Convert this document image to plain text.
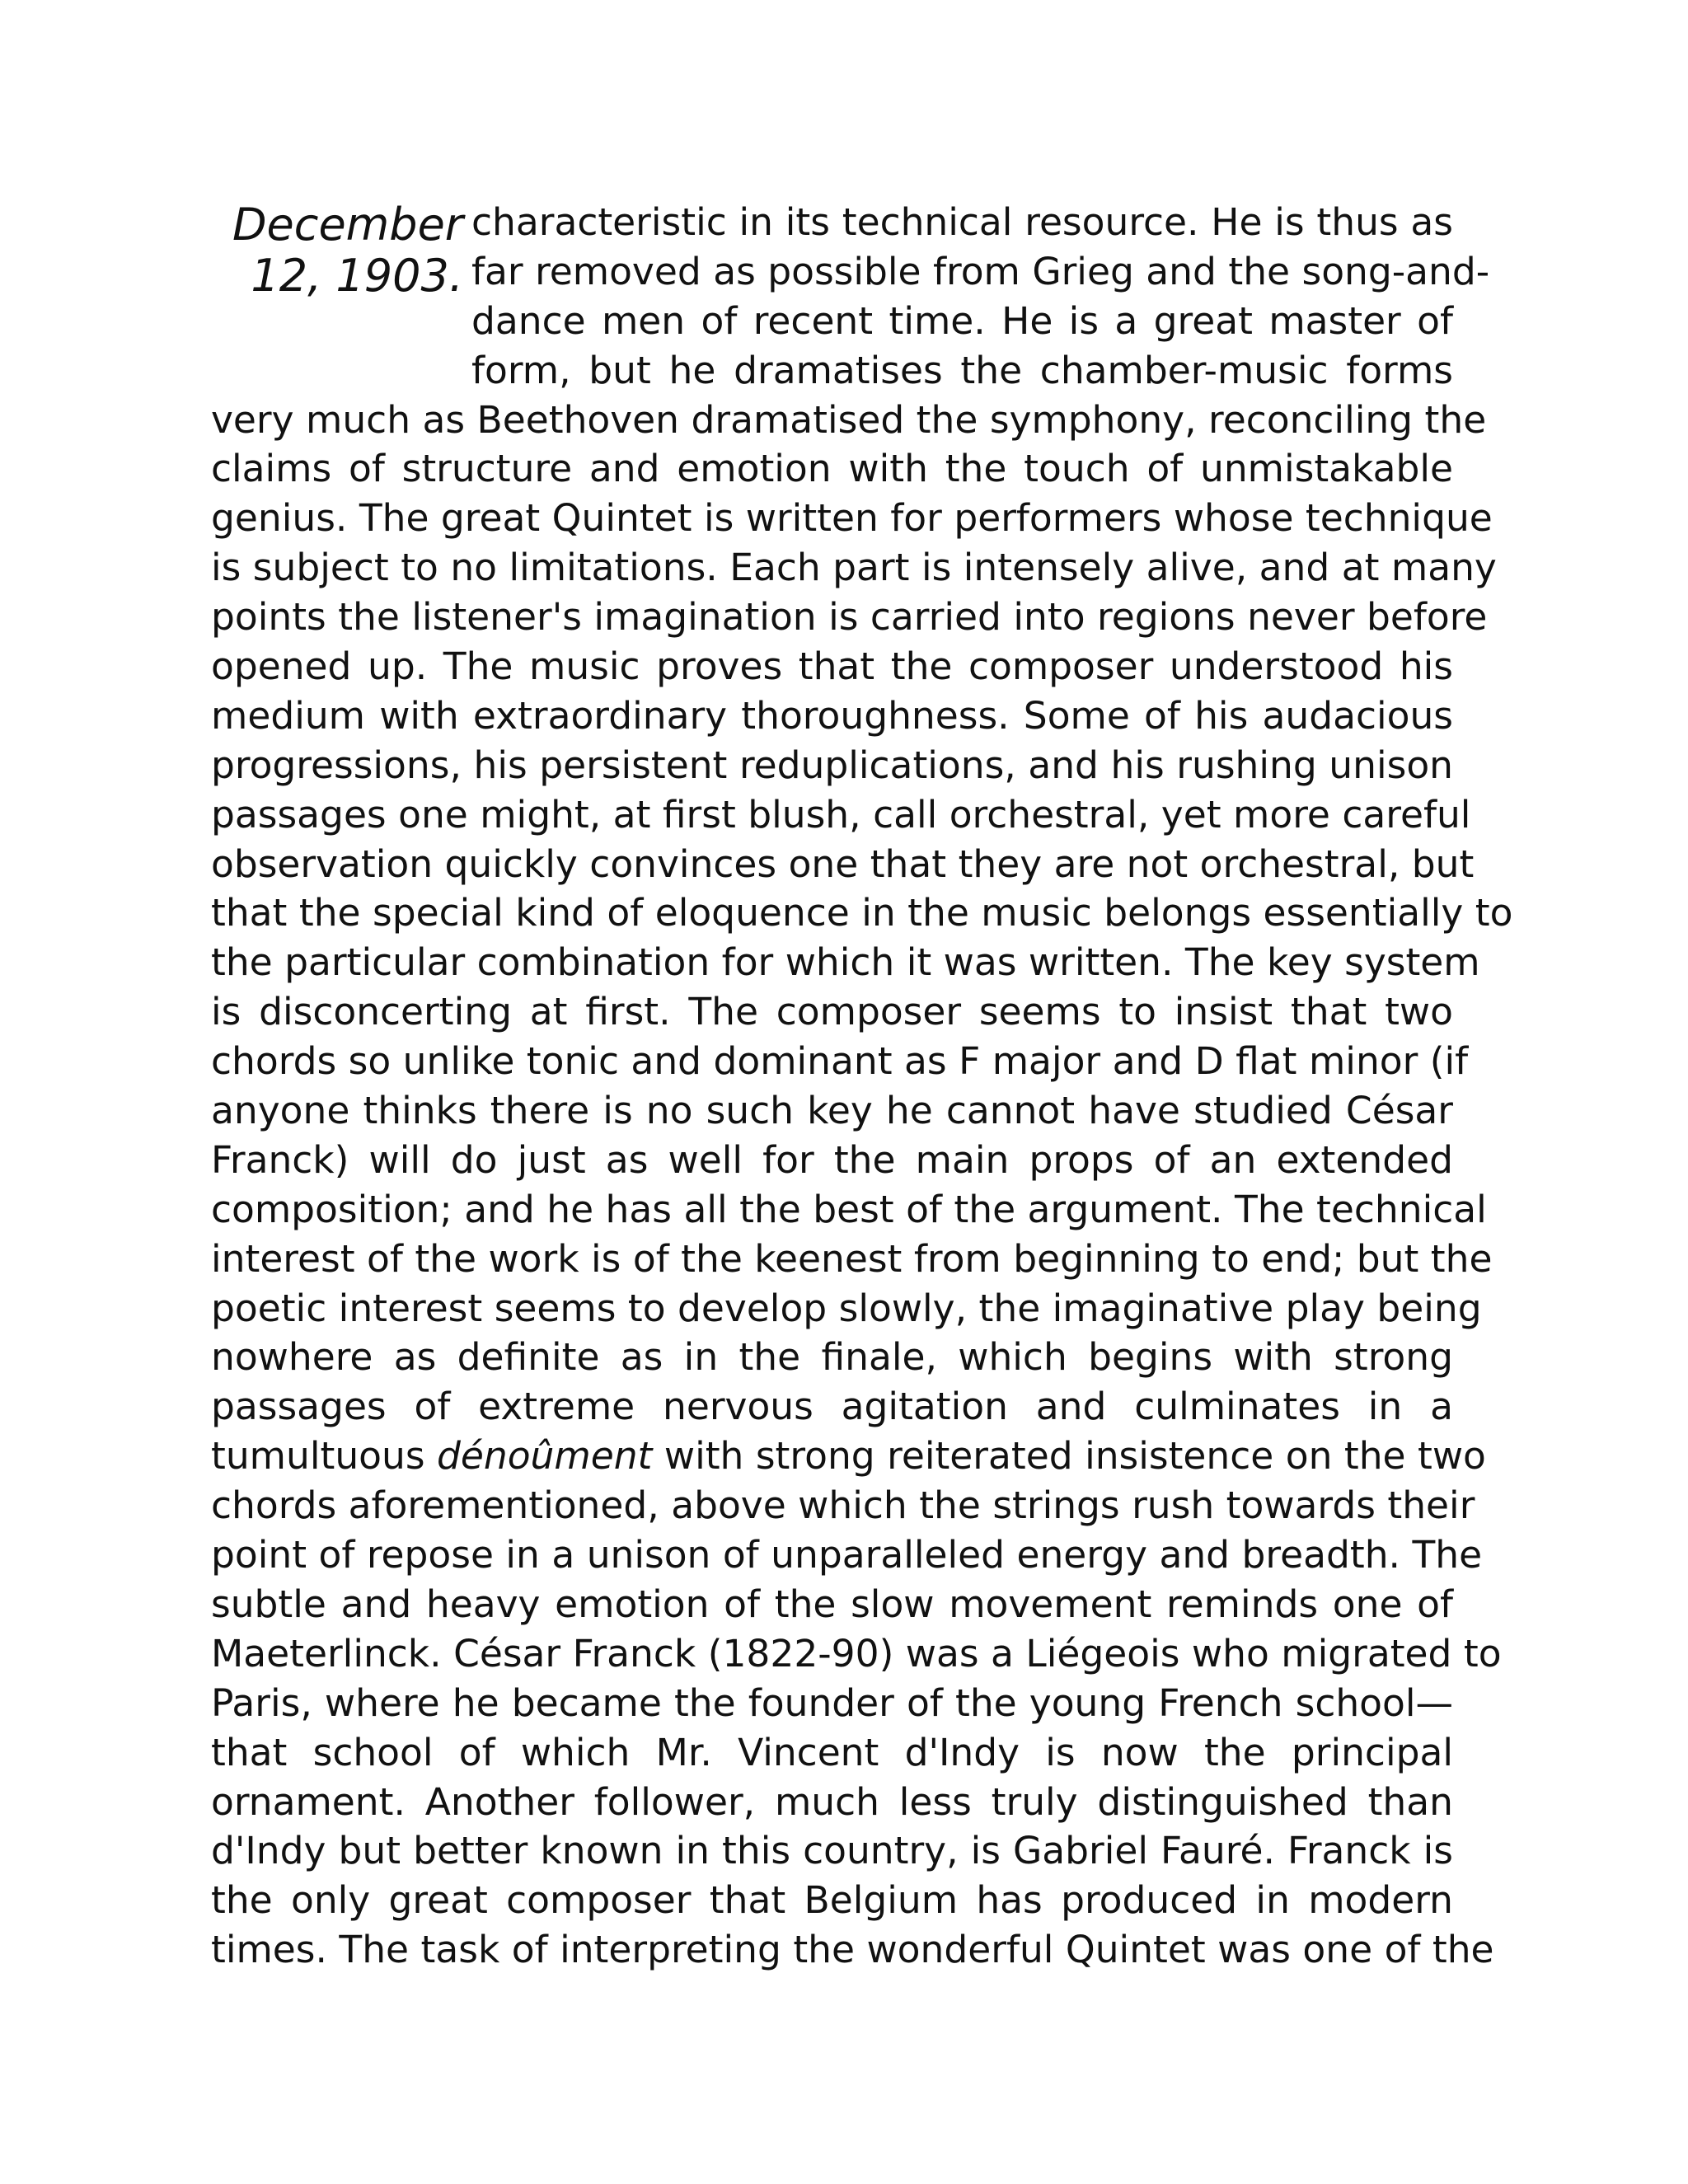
December
12, 1903.
characteristic in its technical resource. He is thus as
far removed as possible from Grieg and the song-and-
dance men of recent time. He is a great master of
form, but he dramatises the chamber-music forms
very much as Beethoven dramatised the symphony, reconciling the
claims of structure and emotion with the touch of unmistakable
genius. The great Quintet is written for performers whose technique
is subject to no limitations. Each part is intensely alive, and at many
points the listener's imagination is carried into regions never before
opened up. The music proves that the composer understood his
medium with extraordinary thoroughness. Some of his audacious
progressions, his persistent reduplications, and his rushing unison
passages one might, at first blush, call orchestral, yet more careful
observation quickly convinces one that they are not orchestral, but
that the special kind of eloquence in the music belongs essentially to
the particular combination for which it was written. The key system
is disconcerting at first. The composer seems to insist that two
chords so unlike tonic and dominant as F major and D flat minor (if
anyone thinks there is no such key he cannot have studied César
Franck) will do just as well for the main props of an extended
composition; and he has all the best of the argument. The technical
interest of the work is of the keenest from beginning to end; but the
poetic interest seems to develop slowly, the imaginative play being
nowhere as definite as in the finale, which begins with strong
passages of extreme nervous agitation and culminates in a
tumultuous dénoûment with strong reiterated insistence on the two
chords aforementioned, above which the strings rush towards their
point of repose in a unison of unparalleled energy and breadth. The
subtle and heavy emotion of the slow movement reminds one of
Maeterlinck. César Franck (1822-90) was a Liégeois who migrated to
Paris, where he became the founder of the young French school—
that school of which Mr. Vincent d'Indy is now the principal
ornament. Another follower, much less truly distinguished than
d'Indy but better known in this country, is Gabriel Fauré. Franck is
the only great composer that Belgium has produced in modern
times. The task of interpreting the wonderful Quintet was one of the
